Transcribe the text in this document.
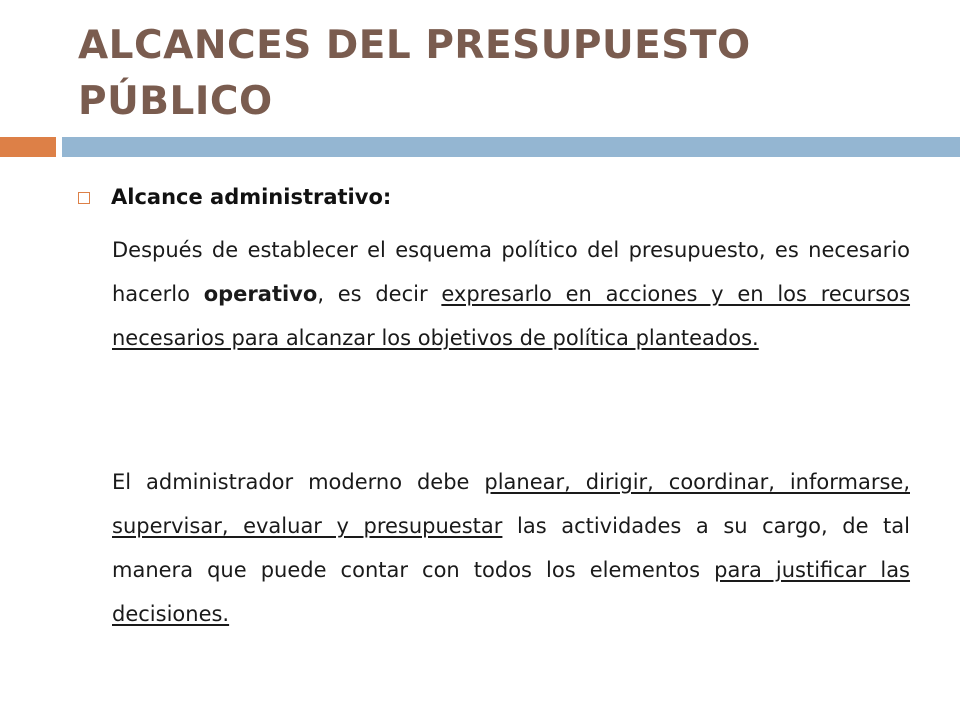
ALCANCES DEL PRESUPUESTO
PÚBLICO
Alcance administrativo:

Después de establecer el esquema político del presupuesto, es necesario hacerlo operativo, es decir expresarlo en acciones y en los recursos necesarios para alcanzar los objetivos de política planteados.

El administrador moderno debe planear, dirigir, coordinar, informarse, supervisar, evaluar y presupuestar las actividades a su cargo, de tal manera que puede contar con todos los elementos para justificar las decisiones.
